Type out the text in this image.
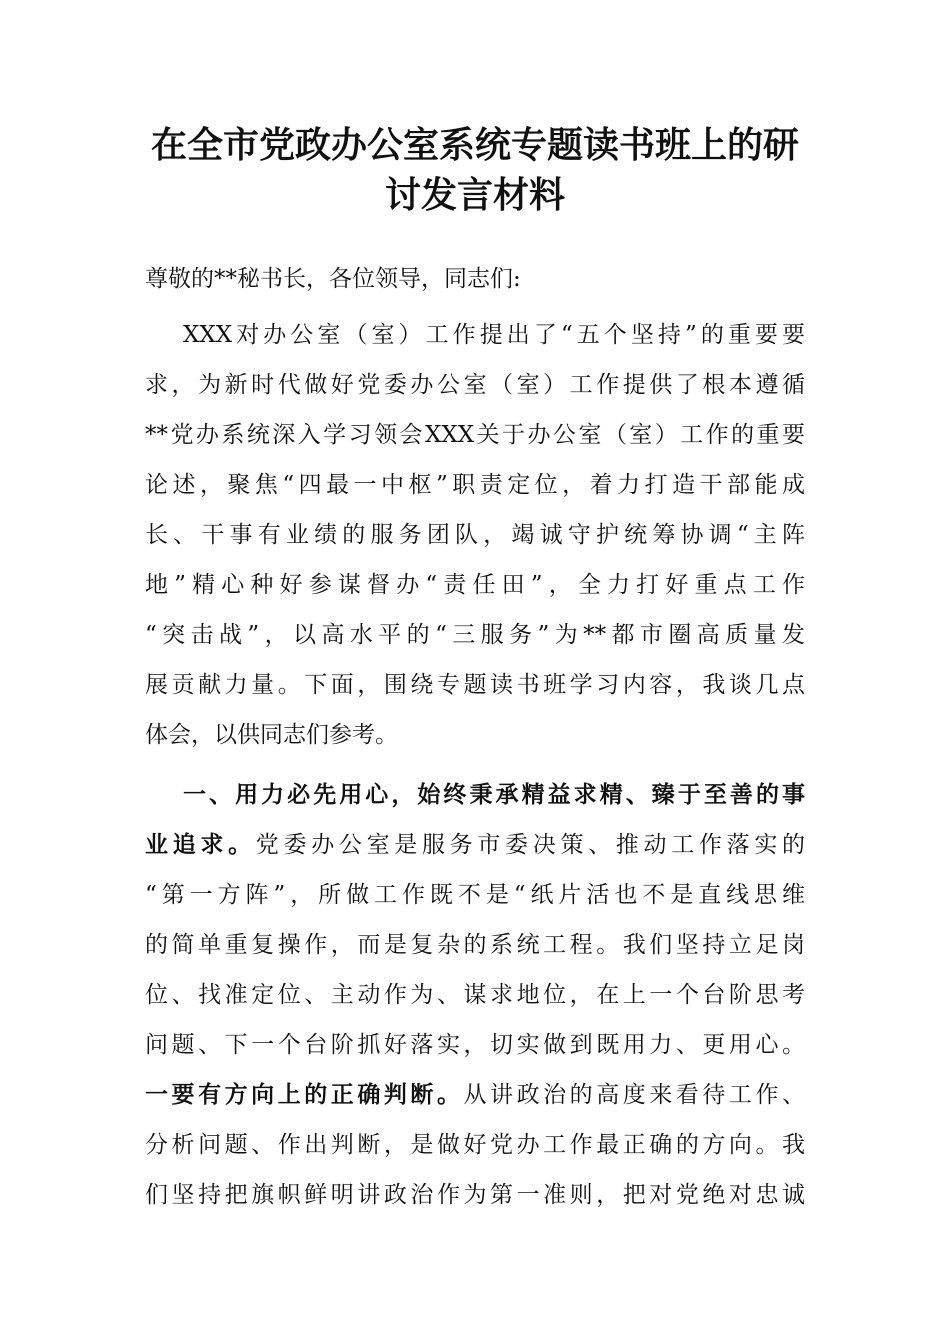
在全市党政办公室系统专题读书班上的研
讨发言材料

尊敬的**秘书长，各位领导，同志们:

XXX对办公室（室）工作提出了“五个坚持”的重要要
求，为新时代做好党委办公室（室）工作提供了根本遵循
**党办系统深入学习领会XXX关于办公室（室）工作的重要
论述，聚焦“四最一中枢”职责定位，着力打造干部能成
长、干事有业绩的服务团队，竭诚守护统筹协调“主阵
地”精心种好参谋督办“责任田”，全力打好重点工作
“突击战”，以高水平的“三服务”为**都市圈高质量发
展贡献力量。下面，围绕专题读书班学习内容，我谈几点
体会，以供同志们参考。

一、用力必先用心，始终秉承精益求精、臻于至善的事
业追求。党委办公室是服务市委决策、推动工作落实的
“第一方阵”，所做工作既不是“纸片活也不是直线思维
的简单重复操作，而是复杂的系统工程。我们坚持立足岗
位、找准定位、主动作为、谋求地位，在上一个台阶思考
问题、下一个台阶抓好落实，切实做到既用力、更用心。
一要有方向上的正确判断。从讲政治的高度来看待工作、
分析问题、作出判断，是做好党办工作最正确的方向。我
们坚持把旗帜鲜明讲政治作为第一准则，把对党绝对忠诚
